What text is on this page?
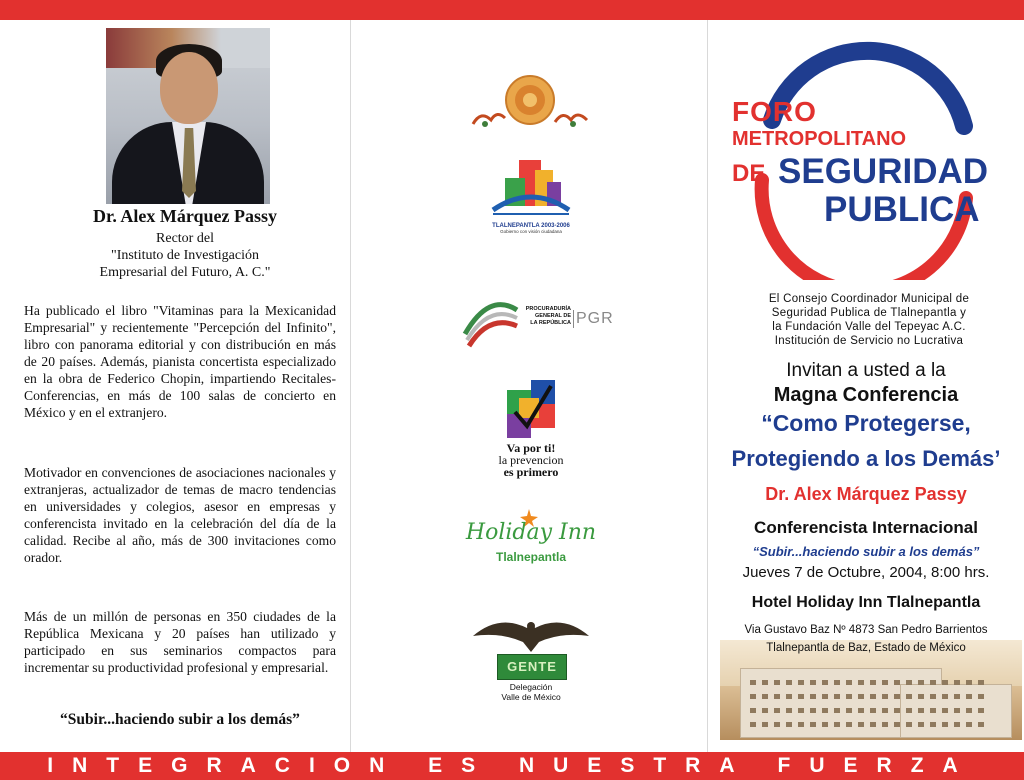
Dr. Alex Márquez Passy
Rector del
"Instituto de Investigación
Empresarial del Futuro, A. C."

Ha publicado el libro "Vitaminas para la Mexicanidad Empresarial" y recientemente "Percepción del Infinito", libro con panorama editorial y con distribución en más de 20 países. Además, pianista concertista especializado en la obra de Federico Chopin, impartiendo Recitales-Conferencias, en más de 100 salas de concierto en México y en el extranjero.

Motivador en convenciones de asociaciones nacionales y extranjeras, actualizador de temas de macro tendencias en universidades y colegios, asesor en empresas y conferencista invitado en la celebración del día de la calidad. Recibe al año, más de 300 invitaciones como orador.

Más de un millón de personas en 350 ciudades de la República Mexicana y 20 países han utilizado y participado en sus seminarios compactos para incrementar su productividad profesional y empresarial.

“Subir...haciendo subir a los demás”
TLALNEPANTLA 2003-2006
Gobierno con visión ciudadana
PROCURADURÍA
GENERAL DE
LA REPÚBLICA PGR
Va por ti!
la prevencion
es primero
Holiday Inn
Tlalnepantla
GENTE
Delegación
Valle de México
FORO
METROPOLITANO
DE SEGURIDAD
PUBLICA
El Consejo Coordinador Municipal de
Seguridad Publica de Tlalnepantla y
la Fundación Valle del Tepeyac A.C.
Institución de Servicio no Lucrativa
Invitan a usted a la
Magna Conferencia
“Como Protegerse,
Protegiendo a los Demás’
Dr. Alex Márquez Passy
Conferencista Internacional
“Subir...haciendo subir a los demás”
Jueves 7 de Octubre, 2004, 8:00 hrs.
Hotel Holiday Inn Tlalnepantla
Via Gustavo Baz Nº 4873 San Pedro Barrientos
Tlalnepantla de Baz, Estado de México
INTEGRACION ES NUESTRA FUERZA
